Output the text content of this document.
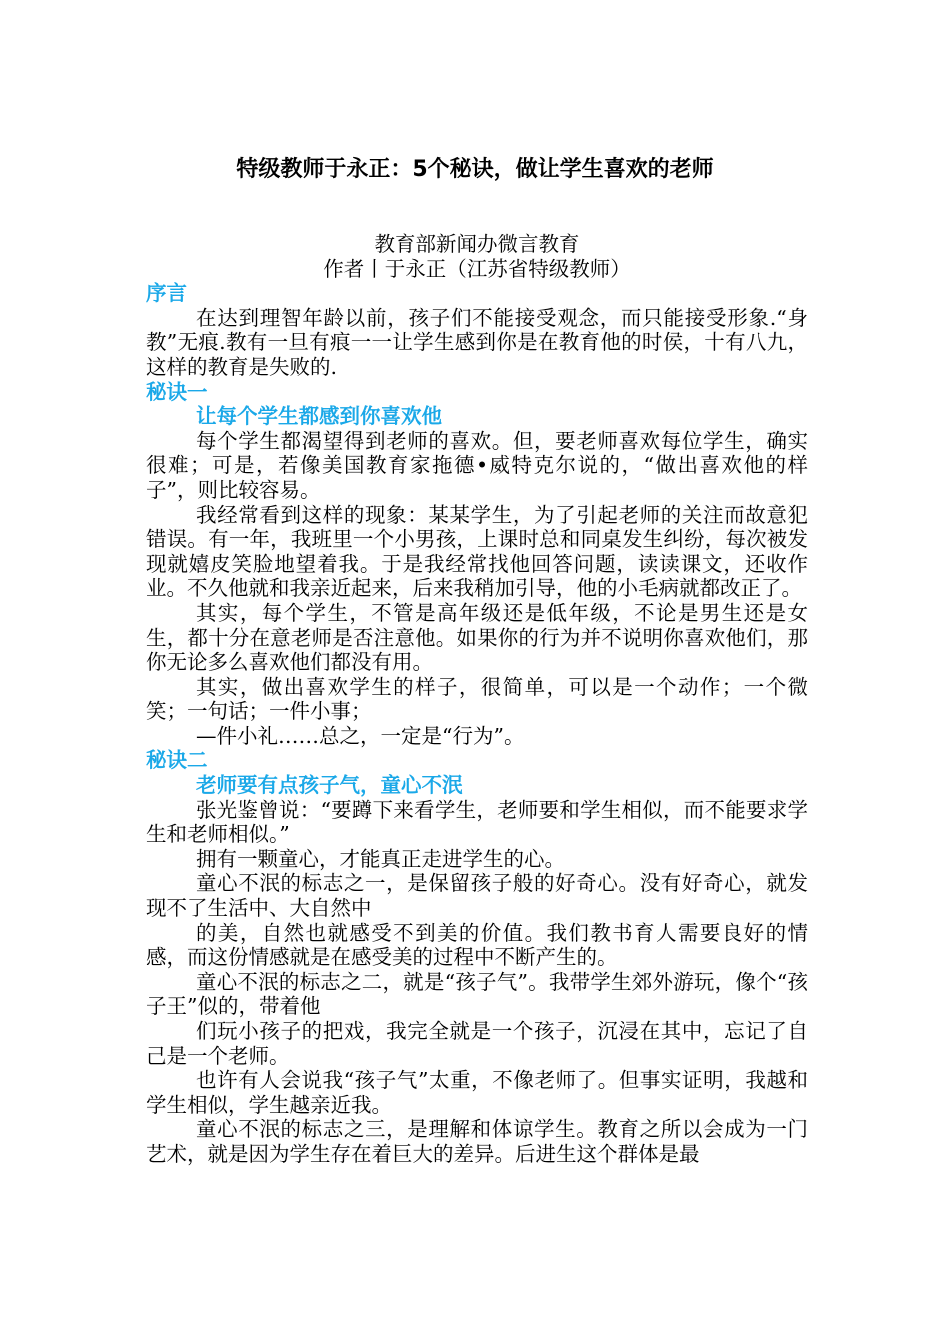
特级教师于永正：5个秘诀，做让学生喜欢的老师

教育部新闻办微言教育

作者丨于永正（江苏省特级教师）

序言

在达到理智年龄以前，孩子们不能接受观念，而只能接受形象.“身教”无痕.教有一旦有痕一一让学生感到你是在教育他的时侯，十有八九，这样的教育是失败的.

秘诀一

让每个学生都感到你喜欢他

每个学生都渴望得到老师的喜欢。但，要老师喜欢每位学生，确实很难；可是，若像美国教育家拖德•威特克尔说的，“做出喜欢他的样子”，则比较容易。

我经常看到这样的现象：某某学生，为了引起老师的关注而故意犯错误。有一年，我班里一个小男孩，上课时总和同桌发生纠纷，每次被发现就嬉皮笑脸地望着我。于是我经常找他回答问题，读读课文，还收作业。不久他就和我亲近起来，后来我稍加引导，他的小毛病就都改正了。

其实，每个学生，不管是高年级还是低年级，不论是男生还是女生，都十分在意老师是否注意他。如果你的行为并不说明你喜欢他们，那你无论多么喜欢他们都没有用。

其实，做出喜欢学生的样子，很简单，可以是一个动作；一个微笑；一句话；一件小事；

—件小礼……总之，一定是“行为”。

秘诀二

老师要有点孩子气，童心不泯

张光鉴曾说：“要蹲下来看学生，老师要和学生相似，而不能要求学生和老师相似。”

拥有一颗童心，才能真正走进学生的心。

童心不泯的标志之一，是保留孩子般的好奇心。没有好奇心，就发现不了生活中、大自然中

的美，自然也就感受不到美的价值。我们教书育人需要良好的情感，而这份情感就是在感受美的过程中不断产生的。

童心不泯的标志之二，就是“孩子气”。我带学生郊外游玩，像个“孩子王”似的，带着他

们玩小孩子的把戏，我完全就是一个孩子，沉浸在其中，忘记了自己是一个老师。

也许有人会说我“孩子气”太重，不像老师了。但事实证明，我越和学生相似，学生越亲近我。

童心不泯的标志之三，是理解和体谅学生。教育之所以会成为一门艺术，就是因为学生存在着巨大的差异。后进生这个群体是最
